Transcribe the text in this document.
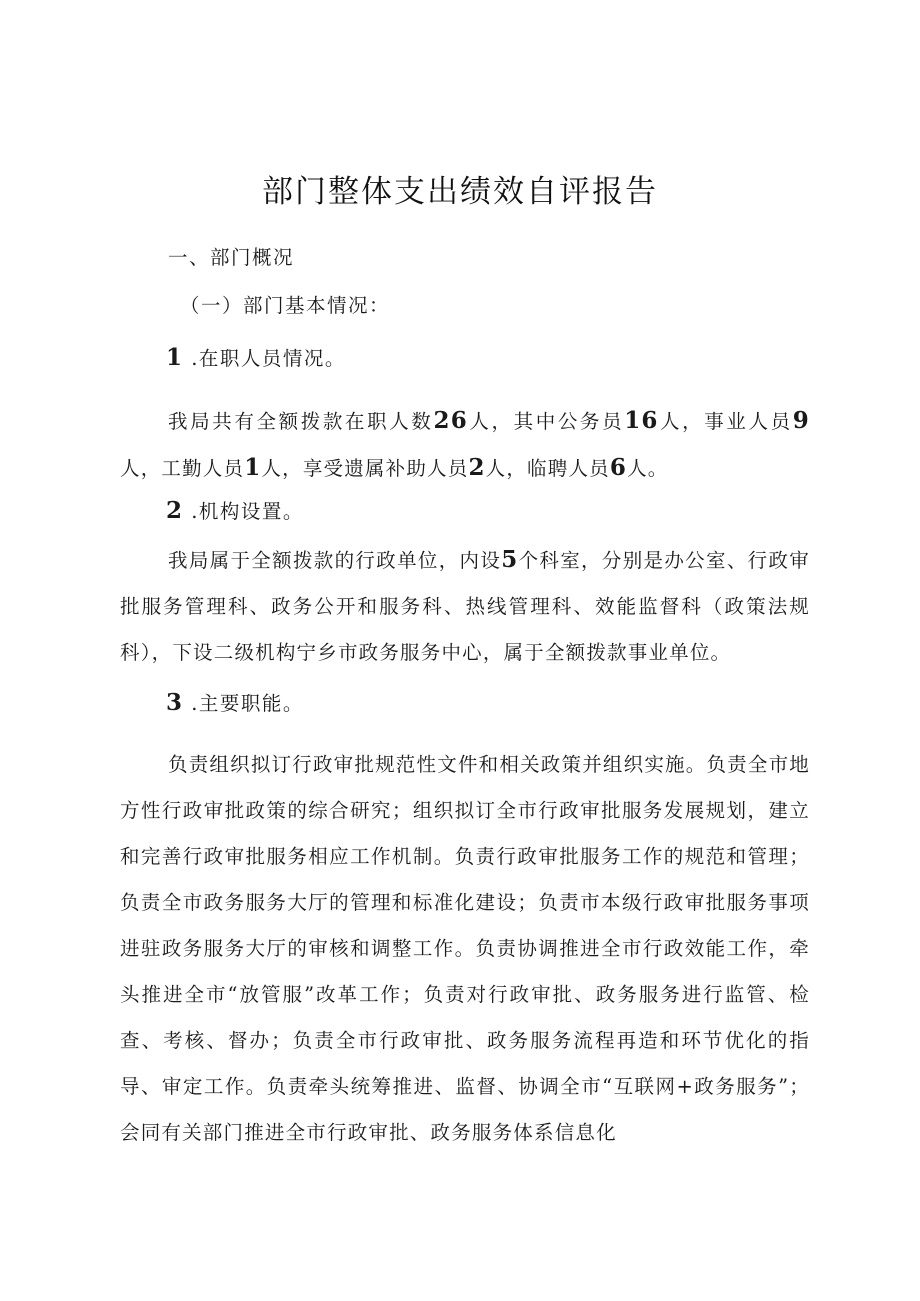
部门整体支出绩效自评报告
一、部门概况
（一）部门基本情况：
1 .在职人员情况。
我局共有全额拨款在职人数26人，其中公务员16人，事业人员9人，工勤人员1人，享受遗属补助人员2人，临聘人员6人。
2 .机构设置。
我局属于全额拨款的行政单位，内设5个科室，分别是办公室、行政审批服务管理科、政务公开和服务科、热线管理科、效能监督科（政策法规科），下设二级机构宁乡市政务服务中心，属于全额拨款事业单位。
3 .主要职能。
负责组织拟订行政审批规范性文件和相关政策并组织实施。负责全市地方性行政审批政策的综合研究；组织拟订全市行政审批服务发展规划，建立和完善行政审批服务相应工作机制。负责行政审批服务工作的规范和管理；负责全市政务服务大厅的管理和标准化建设；负责市本级行政审批服务事项进驻政务服务大厅的审核和调整工作。负责协调推进全市行政效能工作，牵头推进全市“放管服”改革工作；负责对行政审批、政务服务进行监管、检查、考核、督办；负责全市行政审批、政务服务流程再造和环节优化的指导、审定工作。负责牵头统筹推进、监督、协调全市“互联网+政务服务”；会同有关部门推进全市行政审批、政务服务体系信息化
